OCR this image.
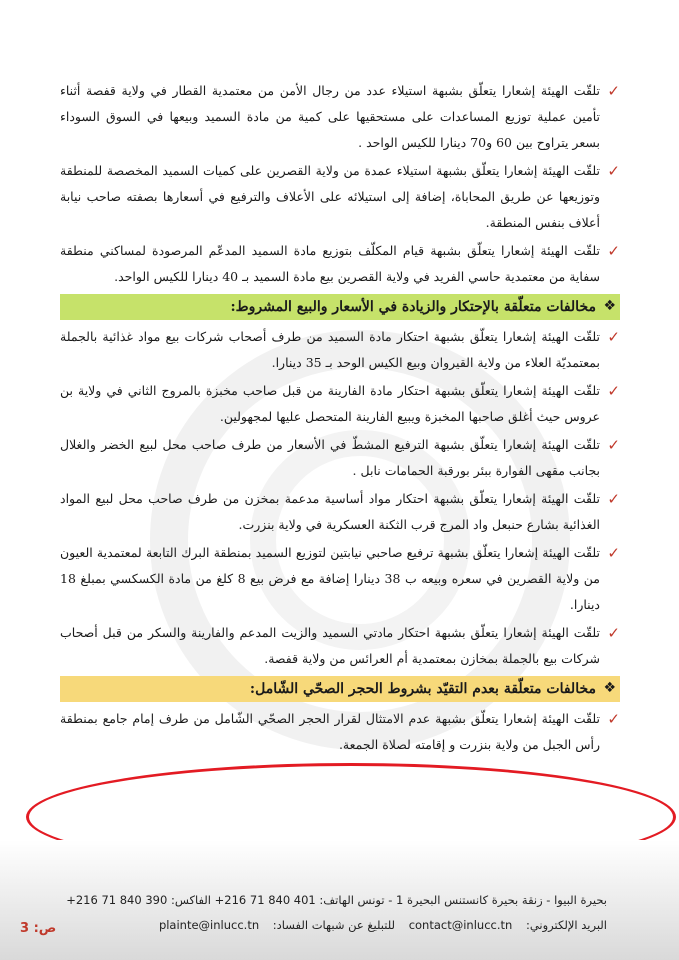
✓
تلقّت الهيئة إشعارا يتعلّق بشبهة استيلاء عدد من رجال الأمن من معتمدية القطار في ولاية قفصة أثناء تأمين عملية توزيع المساعدات على مستحقيها على كمية من مادة السميد وبيعها في السوق السوداء بسعر يتراوح بين 60 و70 دينارا للكيس الواحد .
✓
تلقّت الهيئة إشعارا يتعلّق بشبهة استيلاء عمدة من ولاية القصرين على كميات السميد المخصصة للمنطقة وتوزيعها عن طريق المحاباة، إضافة إلى استيلائه على الأعلاف والترفيع في أسعارها بصفته صاحب نيابة أعلاف بنفس المنطقة.
✓
تلقّت الهيئة إشعارا يتعلّق بشبهة قيام المكلّف بتوزيع مادة السميد المدعّم المرصودة لمساكني منطقة سفاية من معتمدية حاسي الفريد في ولاية القصرين بيع مادة السميد بـ 40 دينارا للكيس الواحد.
❖
مخالفات متعلّقة بالإحتكار والزيادة في الأسعار والبيع المشروط:
✓
تلقّت الهيئة إشعارا يتعلّق بشبهة احتكار مادة السميد من طرف أصحاب شركات بيع مواد غذائية بالجملة بمعتمديّة العلاء من ولاية القيروان وبيع الكيس الوحد بـ 35 دينارا.
✓
تلقّت الهيئة إشعارا يتعلّق بشبهة احتكار مادة الفارينة من قبل صاحب مخبزة بالمروج الثاني في ولاية بن عروس حيث أغلق صاحبها المخبزة ويبيع الفارينة المتحصل عليها لمجهولين.
✓
تلقّت الهيئة إشعارا يتعلّق بشبهة الترفيع المشطّ في الأسعار من طرف صاحب محل لبيع الخضر والغلال بجانب مقهى الفوارة ببئر بورقبة الحمامات نابل .
✓
تلقّت الهيئة إشعارا يتعلّق بشبهة احتكار مواد أساسية مدعمة بمخزن من طرف صاحب محل لبيع المواد الغذائية بشارع حنبعل واد المرج قرب الثكنة العسكرية في ولاية بنزرت.
✓
تلقّت الهيئة إشعارا يتعلّق بشبهة ترفيع صاحبي نيابتين لتوزيع السميد بمنطقة البرك التابعة لمعتمدية العيون من ولاية القصرين في سعره وبيعه ب 38 دينارا إضافة مع فرض بيع 8 كلغ من مادة الكسكسي بمبلغ 18 دينارا.
✓
تلقّت الهيئة إشعارا يتعلّق بشبهة احتكار مادتي السميد والزيت المدعم والفارينة والسكر من قبل أصحاب شركات بيع بالجملة بمخازن بمعتمدية أم العرائس من ولاية قفصة.
❖
مخالفات متعلّقة بعدم التقيّد بشروط الحجر الصحّي الشّامل:
✓
تلقّت الهيئة إشعارا يتعلّق بشبهة عدم الامتثال لقرار الحجر الصحّي الشّامل من طرف إمام جامع بمنطقة رأس الجبل من ولاية بنزرت و إقامته لصلاة الجمعة.
بحيرة البيوا - زنقة بحيرة كانستنس البحيرة 1 - تونس الهاتف: 401 840 71 216+ الفاكس: 390 840 71 216+
البريد الإلكتروني: contact@inlucc.tn للتبليغ عن شبهات الفساد: plainte@inlucc.tn
ص: 3
